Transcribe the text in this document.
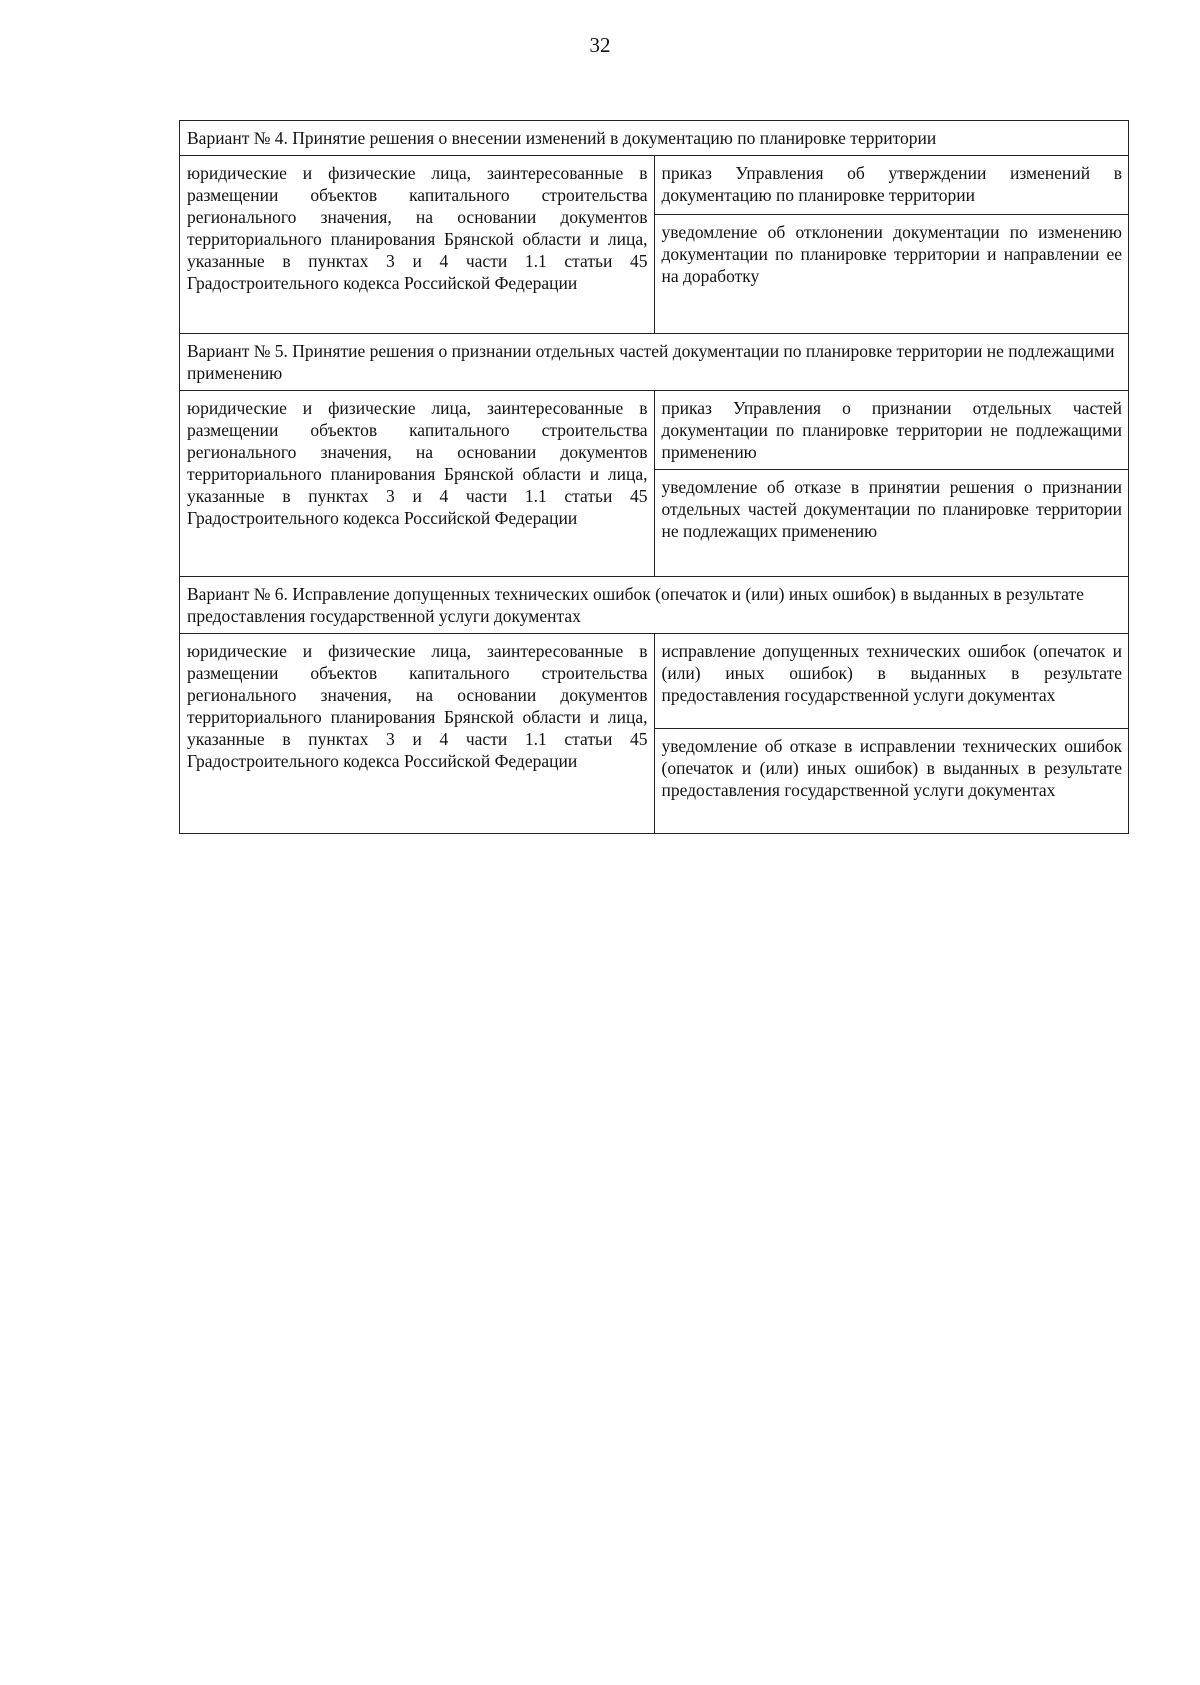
32
Вариант № 4. Принятие решения о внесении изменений в документацию по планировке территории	
юридические и физические лица, заинтересованные в размещении объектов капитального строительства регионального значения, на основании документов территориального планирования Брянской области и лица, указанные в пунктах 3 и 4 части 1.1 статьи 45 Градостроительного кодекса Российской Федерации	приказ Управления об утверждении изменений в документацию по планировке территории
	уведомление об отклонении документации по изменению документации по планировке территории и направлении ее на доработку
Вариант № 5. Принятие решения о признании отдельных частей документации по планировке территории не подлежащими применению	
юридические и физические лица, заинтересованные в размещении объектов капитального строительства регионального значения, на основании документов территориального планирования Брянской области и лица, указанные в пунктах 3 и 4 части 1.1 статьи 45 Градостроительного кодекса Российской Федерации	приказ Управления о признании отдельных частей документации по планировке территории не подлежащими применению
	уведомление об отказе в принятии решения о признании отдельных частей документации по планировке территории не подлежащих применению
Вариант № 6. Исправление допущенных технических ошибок (опечаток и (или) иных ошибок) в выданных в результате предоставления государственной услуги документах	
юридические и физические лица, заинтересованные в размещении объектов капитального строительства регионального значения, на основании документов территориального планирования Брянской области и лица, указанные в пунктах 3 и 4 части 1.1 статьи 45 Градостроительного кодекса Российской Федерации	исправление допущенных технических ошибок (опечаток и (или) иных ошибок) в выданных в результате предоставления государственной услуги документах
	уведомление об отказе в исправлении технических ошибок (опечаток и (или) иных ошибок) в выданных в результате предоставления государственной услуги документах
